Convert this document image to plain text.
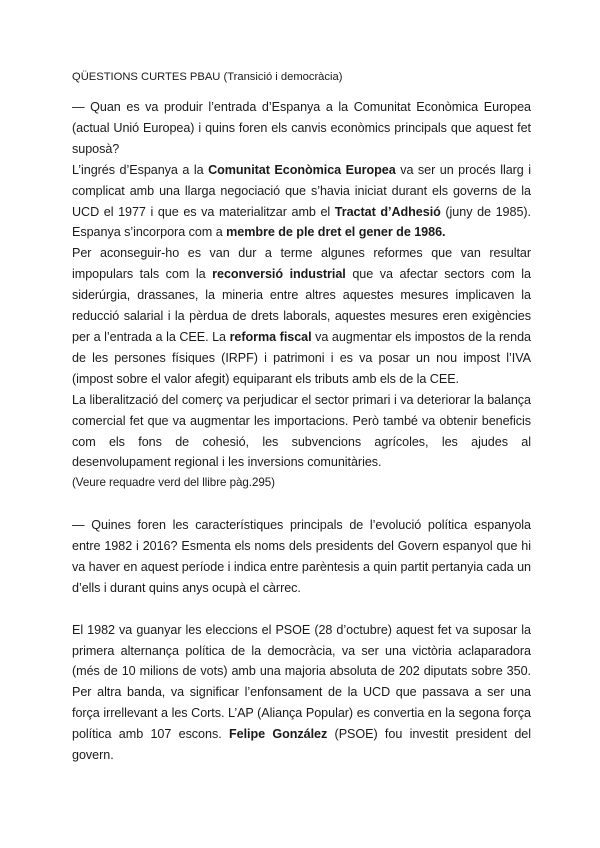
QÜESTIONS CURTES PBAU (Transició i democràcia)

— Quan es va produir l’entrada d’Espanya a la Comunitat Econòmica Europea (actual Unió Europea) i quins foren els canvis econòmics principals que aquest fet suposà?

L’ingrés d’Espanya a la Comunitat Econòmica Europea va ser un procés llarg i complicat amb una llarga negociació que s’havia iniciat durant els governs de la UCD el 1977 i que es va materialitzar amb el Tractat d’Adhesió (juny de 1985). Espanya s’incorpora com a membre de ple dret el gener de 1986.

Per aconseguir-ho es van dur a terme algunes reformes que van resultar impopulars tals com la reconversió industrial que va afectar sectors com la siderúrgia, drassanes, la mineria entre altres aquestes mesures implicaven la reducció salarial i la pèrdua de drets laborals, aquestes mesures eren exigències per a l’entrada a la CEE. La reforma fiscal va augmentar els impostos de la renda de les persones físiques (IRPF) i patrimoni i es va posar un nou impost l’IVA (impost sobre el valor afegit) equiparant els tributs amb els de la CEE.

La liberalització del comerç va perjudicar el sector primari i va deteriorar la balança comercial fet que va augmentar les importacions. Però també va obtenir beneficis com els fons de cohesió, les subvencions agrícoles, les ajudes al desenvolupament regional i les inversions comunitàries.

(Veure requadre verd del llibre pàg.295)

— Quines foren les característiques principals de l’evolució política espanyola entre 1982 i 2016? Esmenta els noms dels presidents del Govern espanyol que hi va haver en aquest període i indica entre parèntesis a quin partit pertanyia cada un d’ells i durant quins anys ocupà el càrrec.

El 1982 va guanyar les eleccions el PSOE (28 d’octubre) aquest fet va suposar la primera alternança política de la democràcia, va ser una victòria aclaparadora (més de 10 milions de vots) amb una majoria absoluta de 202 diputats sobre 350. Per altra banda, va significar l’enfonsament de la UCD que passava a ser una força irrellevant a les Corts. L’AP (Aliança Popular) es convertia en la segona força política amb 107 escons. Felipe González (PSOE) fou investit president del govern.
